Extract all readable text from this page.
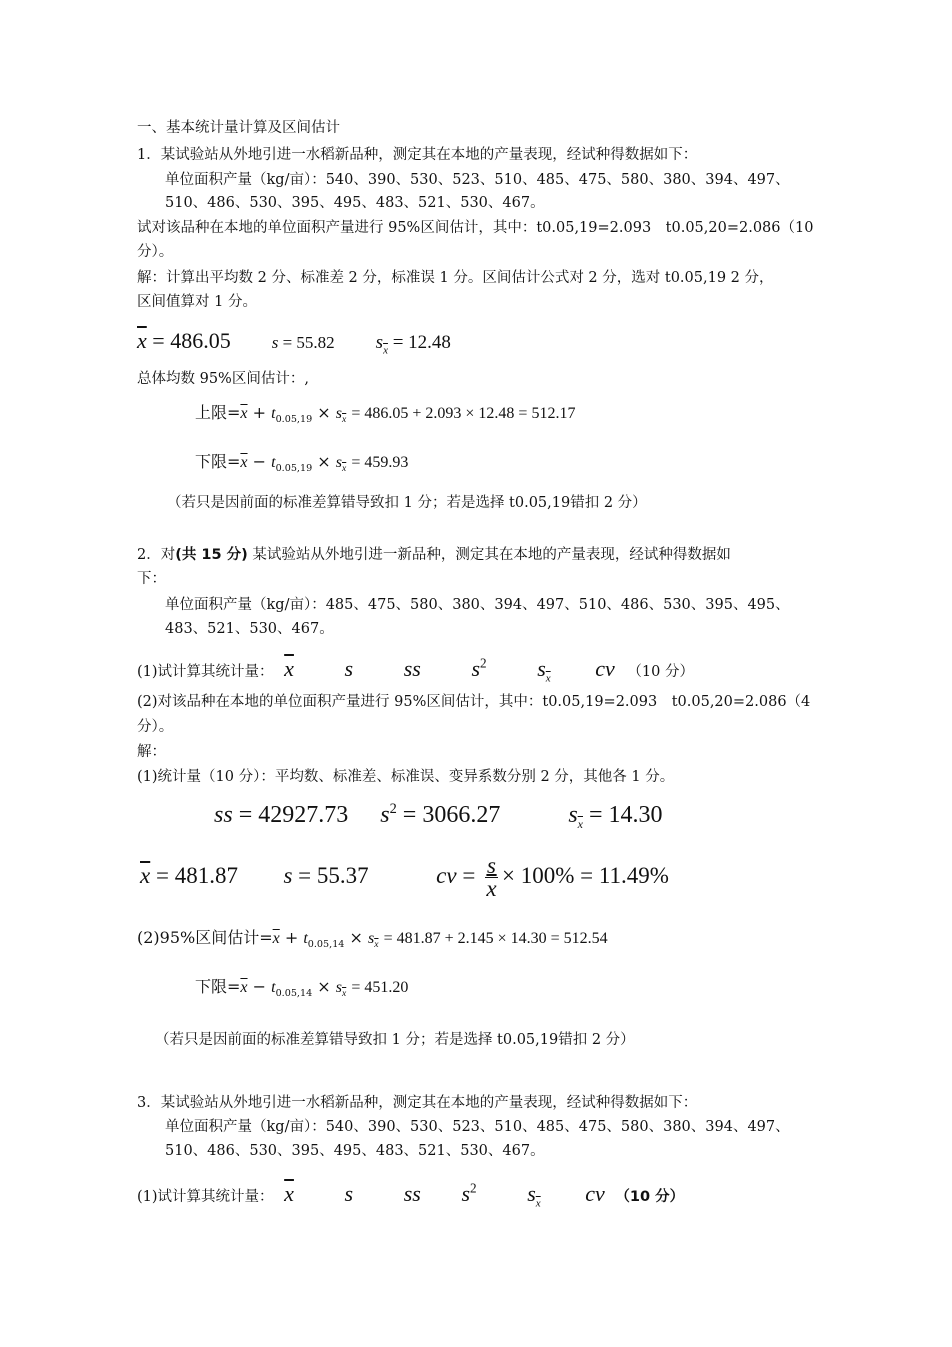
一、基本统计量计算及区间估计
1．某试验站从外地引进一水稻新品种，测定其在本地的产量表现，经试种得数据如下：
单位面积产量（kg/亩）：540、390、530、523、510、485、475、580、380、394、497、
510、486、530、395、495、483、521、530、467。
试对该品种在本地的单位面积产量进行 95%区间估计，其中：t0.05,19=2.093　t0.05,20=2.086（10
分）。
解：计算出平均数 2 分、标准差 2 分，标准误 1 分。区间估计公式对 2 分，选对 t0.05,19 2 分，
区间值算对 1 分。
$\overline{x} = 486.05$ s = 55.82 $s_{\overline{x}} = 12.48$
总体均数 95%区间估计：,
上限$=\overline{x} + t_{0.05,19} \times s_{\overline{x}} = 486.05 + 2.093 \times 12.48 = 512.17$
下限$=\overline{x} - t_{0.05,19} \times s_{\overline{x}} = 459.93$
（若只是因前面的标准差算错导致扣 1 分；若是选择 t0.05,19错扣 2 分）
2．对(共 15 分) 某试验站从外地引进一新品种，测定其在本地的产量表现，经试种得数据如
下：
单位面积产量（kg/亩）：485、475、580、380、394、497、510、486、530、395、495、
483、521、530、467。
(1)试计算其统计量： $\overline{x}$ s ss $s^2$ $s_{\overline{x}}$ cv （10 分）
(2)对该品种在本地的单位面积产量进行 95%区间估计，其中：t0.05,19=2.093　t0.05,20=2.086（4
分）。
解：
(1)统计量（10 分）：平均数、标准差、标准误、变异系数分别 2 分，其他各 1 分。
ss = 42927.73 $s^2 = 3066.27$	$s_{\overline{x}} = 14.30$
$\overline{x} = 481.87$ s = 55.37	cv = $\frac{s}{x} \times 100\% = 11.49\%$
(2)95%区间估计$=\overline{x} + t_{0.05,14} \times s_{\overline{x}} = 481.87 + 2.145 \times 14.30 = 512.54$
下限$=\overline{x} - t_{0.05,14} \times s_{\overline{x}} = 451.20$
（若只是因前面的标准差算错导致扣 1 分；若是选择 t0.05,19错扣 2 分）
3．某试验站从外地引进一水稻新品种，测定其在本地的产量表现，经试种得数据如下：
单位面积产量（kg/亩）：540、390、530、523、510、485、475、580、380、394、497、
510、486、530、395、495、483、521、530、467。
(1)试计算其统计量： $\overline{x}$ s ss $s^2$ $s_{\overline{x}}$ cv （10 分）
